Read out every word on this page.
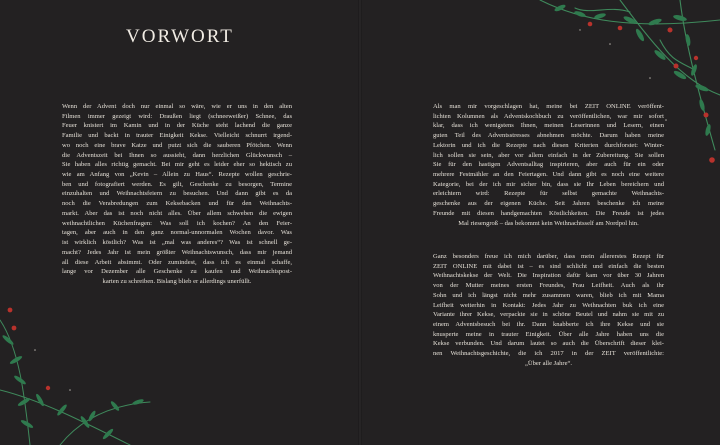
VORWORT
Wenn der Advent doch nur einmal so wäre, wie er uns in den alten
Filmen immer gezeigt wird: Draußen liegt (schneeweißer) Schnee, das
Feuer knistert im Kamin und in der Küche steht lachend die ganze
Familie und backt in trauter Einigkeit Kekse. Vielleicht schnurrt irgend-
wo noch eine brave Katze und putzt sich die sauberen Pfötchen. Wenn
die Adventszeit bei Ihnen so aussieht, dann herzlichen Glückwunsch –
Sie haben alles richtig gemacht. Bei mir geht es leider eher so hektisch zu
wie am Anfang von „Kevin – Allein zu Haus“. Rezepte wollen geschrie-
ben und fotografiert werden. Es gilt, Geschenke zu besorgen, Termine
einzuhalten und Weihnachtsfeiern zu besuchen. Und dann gibt es da
noch die Verabredungen zum Keksebacken und für den Weihnachts-
markt. Aber das ist noch nicht alles. Über allem schweben die ewigen
weihnachtlichen Küchenfragen: Was soll ich kochen? An den Feier-
tagen, aber auch in den ganz normal-unnormalen Wochen davor. Was
ist wirklich köstlich? Was ist „mal was anderes“? Was ist schnell ge-
macht? Jedes Jahr ist mein größter Weihnachtswunsch, dass mir jemand
all diese Arbeit absimmt. Oder zumindest, dass ich es einmal schaffe,
lange vor Dezember alle Geschenke zu kaufen und Weihnachtspost-
karten zu schreiben. Bislang blieb er allerdings unerfüllt.
Als man mir vorgeschlagen hat, meine bei ZEIT ONLINE veröffent-
lichten Kolumnen als Adventskochbuch zu veröffentlichen, war mir sofort
klar, dass ich wenigstens Ihnen, meinen Leserinnen und Lesern, einen
guten Teil des Adventsstresses abnehmen möchte. Darum haben meine
Lektorin und ich die Rezepte nach diesen Kriterien durchforstet: Winter-
lich sollen sie sein, aber vor allem einfach in der Zubereitung. Sie sollen
Sie für den hastigen Adventsalltag inspirieren, aber auch für ein oder
mehrere Festmähler an den Feiertagen. Und dann gibt es noch eine weitere
Kategorie, bei der ich mir sicher bin, dass sie Ihr Leben bereichern und
erleichtern wird: Rezepte für selbst gemachte Weihnachts-
geschenke aus der eigenen Küche. Seit Jahren beschenke ich meine
Freunde mit diesen handgemachten Köstlichkeiten. Die Freude ist jedes
Mal riesengroß – das bekommt kein Weihnachtsself am Nordpol hin.
Ganz besonders freue ich mich darüber, dass mein allererstes Rezept für
ZEIT ONLINE mit dabei ist – es sind schlicht und einfach die besten
Weihnachtskekse der Welt. Die Inspiration dafür kam vor über 30 Jahren
von der Mutter meines ersten Freundes, Frau Leifheit. Auch als ihr
Sohn und ich längst nicht mehr zusammen waren, blieb ich mit Mama
Leifheit weiterhin in Kontakt: Jedes Jahr zu Weihnachten buk ich eine
Variante ihrer Kekse, verpackte sie in schöne Beutel und nahm sie mit zu
einem Adventsbesuch bei ihr. Dann knabberte ich ihre Kekse und sie
knusperte meine in trauter Einigkeit. Über alle Jahre haben uns die
Kekse verbunden. Und darum lautet so auch die Überschrift dieser klei-
nen Weihnachtsgeschichte, die ich 2017 in der ZEIT veröffentlichte:
„Über alle Jahre“.
